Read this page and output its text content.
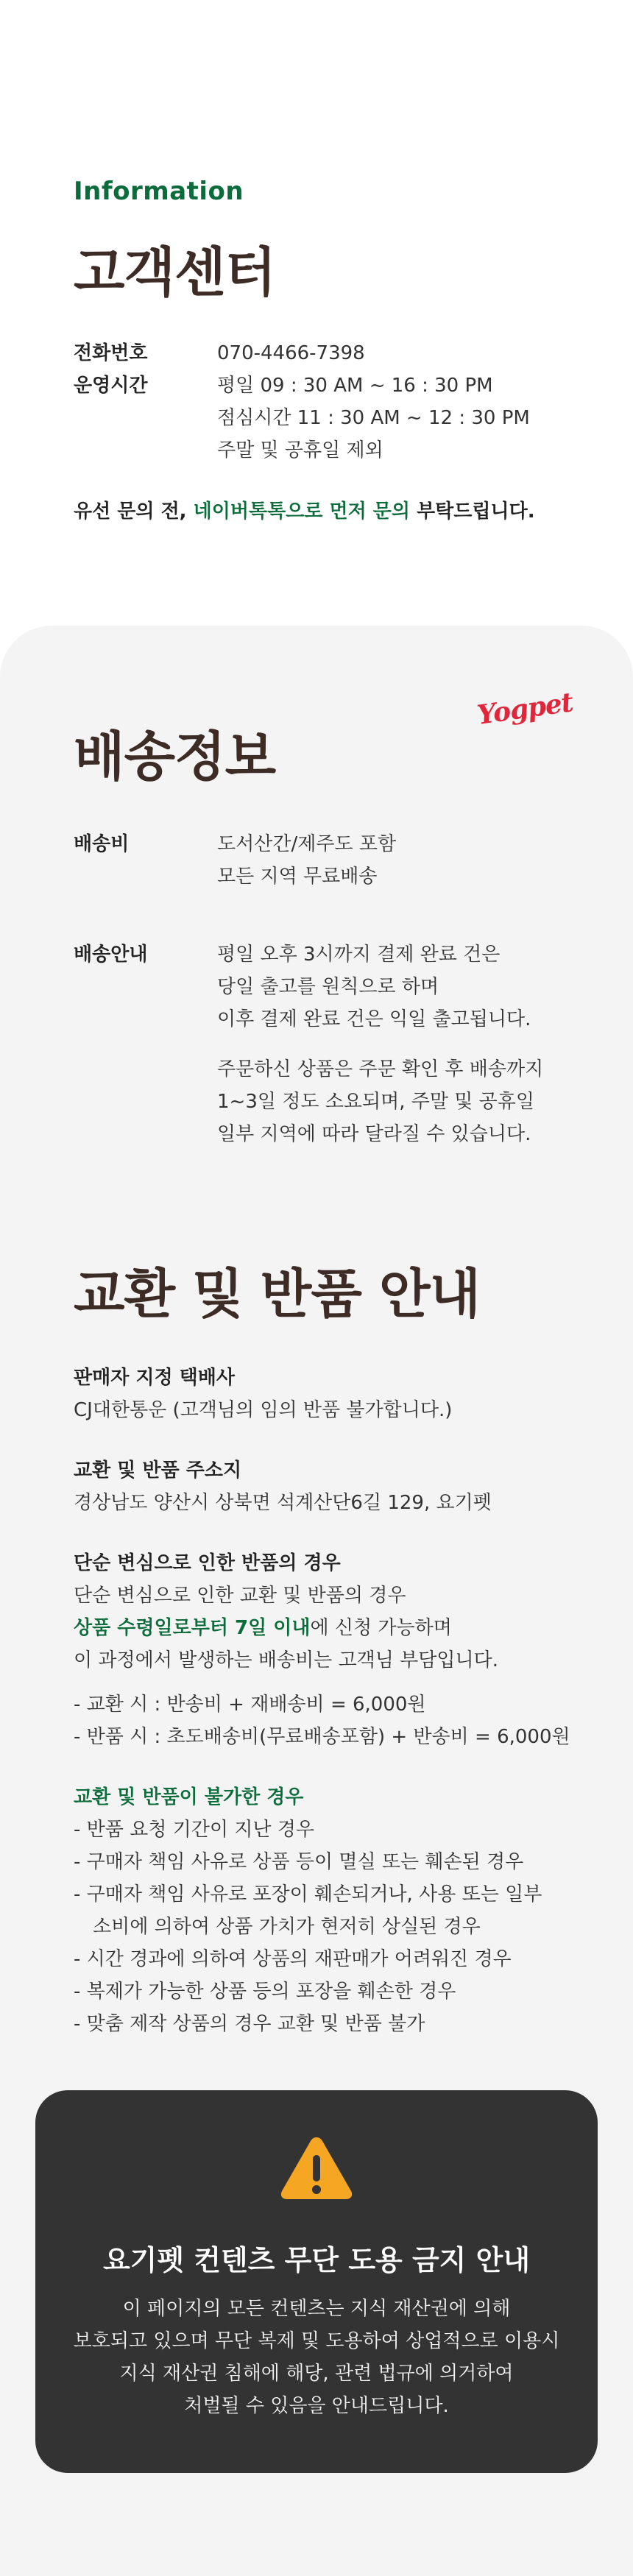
Information
고객센터
전화번호	070-4466-7398
운영시간	평일 09 : 30 AM ~ 16 : 30 PM
점심시간 11 : 30 AM ~ 12 : 30 PM
주말 및 공휴일 제외

유선 문의 전, 네이버톡톡으로 먼저 문의 부탁드립니다.

Yogpet
배송정보
배송비	도서산간/제주도 포함
모든 지역 무료배송
배송안내	평일 오후 3시까지 결제 완료 건은
당일 출고를 원칙으로 하며
이후 결제 완료 건은 익일 출고됩니다.
주문하신 상품은 주문 확인 후 배송까지
1~3일 정도 소요되며, 주말 및 공휴일
일부 지역에 따라 달라질 수 있습니다.
교환 및 반품 안내
판매자 지정 택배사

CJ대한통운 (고객님의 임의 반품 불가합니다.)

교환 및 반품 주소지

경상남도 양산시 상북면 석계산단6길 129, 요기펫

단순 변심으로 인한 반품의 경우

단순 변심으로 인한 교환 및 반품의 경우

상품 수령일로부터 7일 이내에 신청 가능하며

이 과정에서 발생하는 배송비는 고객님 부담입니다.

- 교환 시 : 반송비 + 재배송비 = 6,000원

- 반품 시 : 초도배송비(무료배송포함) + 반송비 = 6,000원

교환 및 반품이 불가한 경우

- 반품 요청 기간이 지난 경우

- 구매자 책임 사유로 상품 등이 멸실 또는 훼손된 경우

- 구매자 책임 사유로 포장이 훼손되거나, 사용 또는 일부 소비에 의하여 상품 가치가 현저히 상실된 경우

- 시간 경과에 의하여 상품의 재판매가 어려워진 경우

- 복제가 가능한 상품 등의 포장을 훼손한 경우

- 맞춤 제작 상품의 경우 교환 및 반품 불가

요기펫 컨텐츠 무단 도용 금지 안내
이 페이지의 모든 컨텐츠는 지식 재산권에 의해
보호되고 있으며 무단 복제 및 도용하여 상업적으로 이용시
지식 재산권 침해에 해당, 관련 법규에 의거하여
처벌될 수 있음을 안내드립니다.
